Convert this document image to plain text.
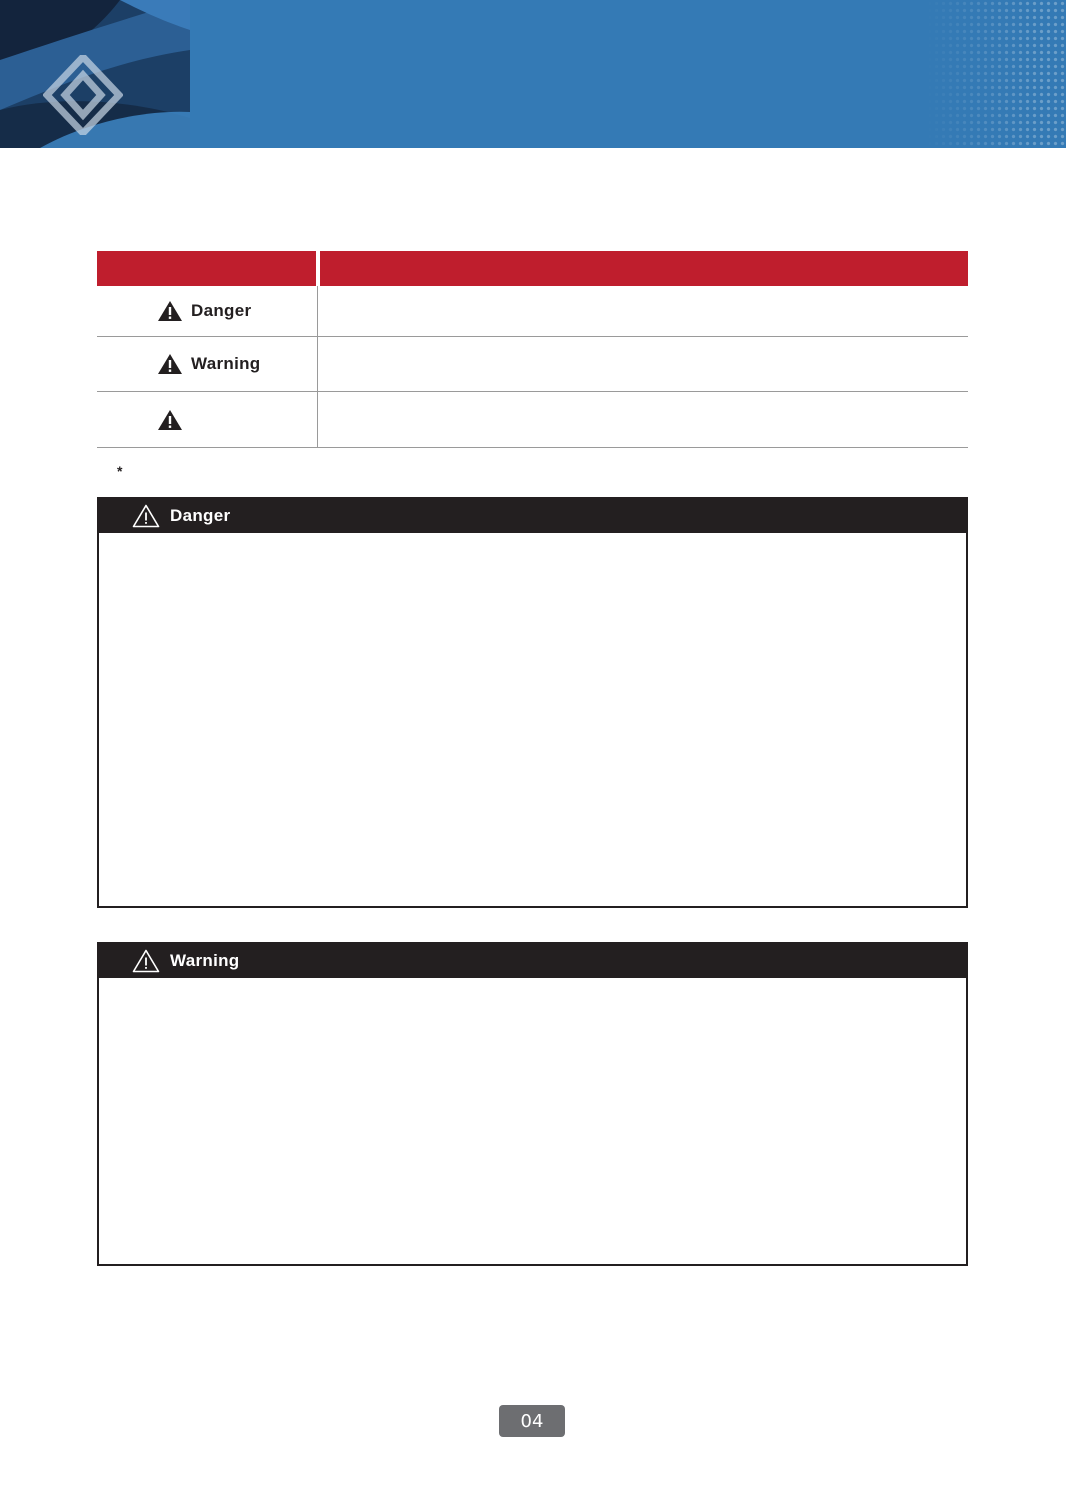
Danger
Warning
*
Danger
Warning
04
